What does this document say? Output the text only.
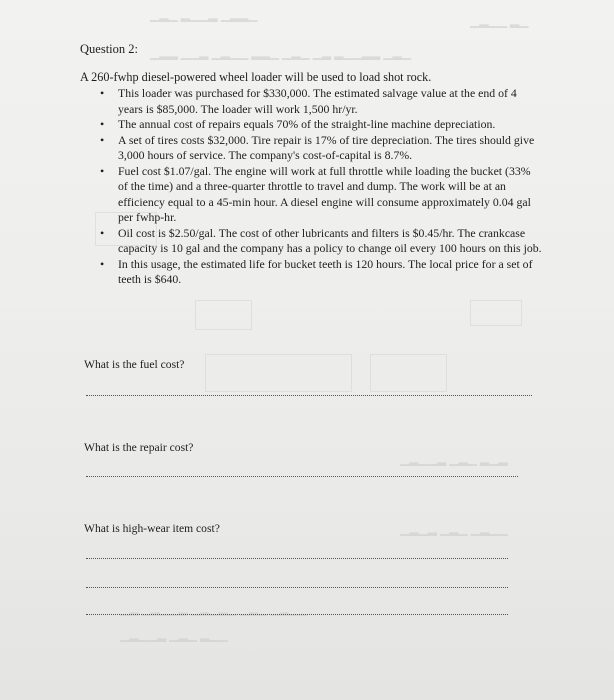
▁▂▁ ▂▁▁▂ ▁▂▂▁	▁▂▁▁ ▂▁
▁▂▂ ▁▁▂ ▁▂▁▁ ▂▂▁ ▁▂▁ ▁▂ ▂▁▁▂▂ ▁▂▁
▁▂▁▁▂ ▁▂▁ ▂▁▂
▁▂▁▂ ▁▂▁ ▁▂▁▁
▁▂ ▁▂▁▁▂ ▁▂▁▂▁ ▁▂▁ ▁▂▁▁
▁▂▁▁▂ ▁▂▁ ▂▁▁
Question 2:
A 260-fwhp diesel-powered wheel loader will be used to load shot rock.
• This loader was purchased for $330,000. The estimated salvage value at the end of 4 years is $85,000. The loader will work 1,500 hr/yr.
• The annual cost of repairs equals 70% of the straight-line machine depreciation.
• A set of tires costs $32,000. Tire repair is 17% of tire depreciation. The tires should give 3,000 hours of service. The company's cost-of-capital is 8.7%.
• Fuel cost $1.07/gal. The engine will work at full throttle while loading the bucket (33% of the time) and a three-quarter throttle to travel and dump. The work will be at an efficiency equal to a 45-min hour. A diesel engine will consume approximately 0.04 gal per fwhp-hr.
• Oil cost is $2.50/gal. The cost of other lubricants and filters is $0.45/hr. The crankcase capacity is 10 gal and the company has a policy to change oil every 100 hours on this job.
• In this usage, the estimated life for bucket teeth is 120 hours. The local price for a set of teeth is $640.
What is the fuel cost?
What is the repair cost?
What is high-wear item cost?
